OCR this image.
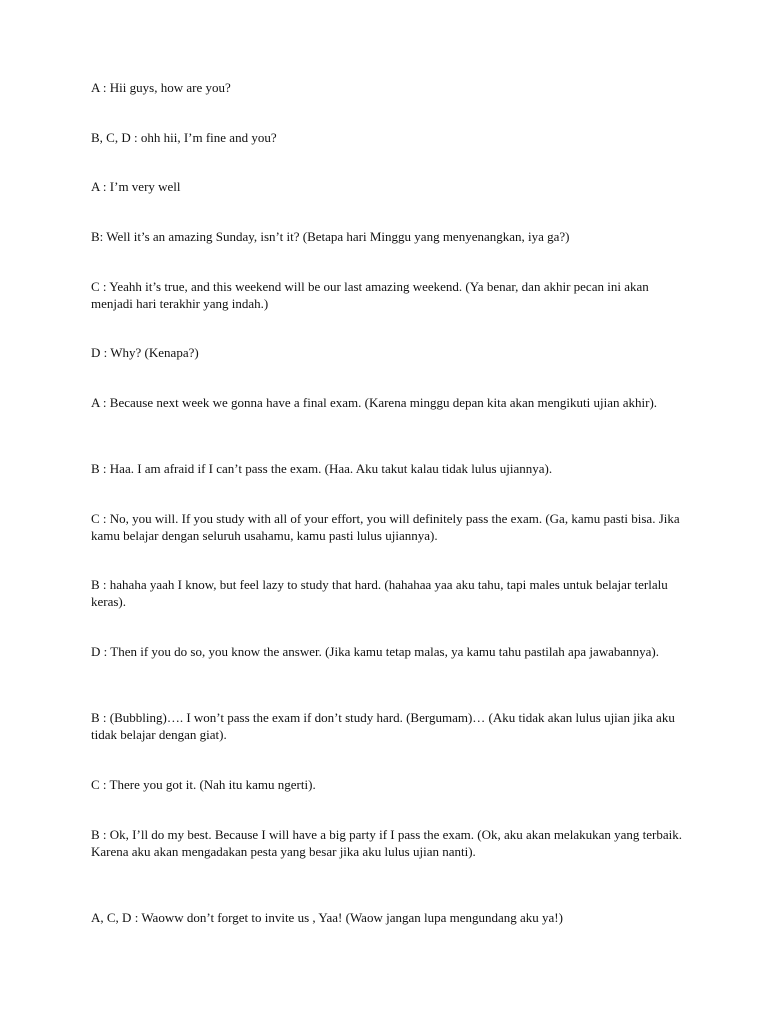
A : Hii guys, how are you?

B, C, D : ohh hii, I’m fine and you?

A : I’m very well

B: Well it’s an amazing Sunday, isn’t it? (Betapa hari Minggu yang menyenangkan, iya ga?)

C : Yeahh it’s true, and this weekend will be our last amazing weekend. (Ya benar, dan akhir pecan ini akan menjadi hari terakhir yang indah.)

D : Why? (Kenapa?)

A : Because next week we gonna have a final exam. (Karena minggu depan kita akan mengikuti ujian akhir).

B : Haa. I am afraid if I can’t pass the exam. (Haa. Aku takut kalau tidak lulus ujiannya).

C : No, you will. If you study with all of your effort, you will definitely pass the exam. (Ga, kamu pasti bisa. Jika kamu belajar dengan seluruh usahamu, kamu pasti lulus ujiannya).

B : hahaha yaah I know, but feel lazy to study that hard. (hahahaa yaa aku tahu, tapi males untuk belajar terlalu keras).

D : Then if you do so, you know the answer. (Jika kamu tetap malas, ya kamu tahu pastilah apa jawabannya).

B : (Bubbling)…. I won’t pass the exam if don’t study hard. (Bergumam)… (Aku tidak akan lulus ujian jika aku tidak belajar dengan giat).

C : There you got it. (Nah itu kamu ngerti).

B : Ok, I’ll do my best. Because I will have a big party if I pass the exam. (Ok, aku akan melakukan yang terbaik. Karena aku akan mengadakan pesta yang besar jika aku lulus ujian nanti).

A, C, D : Waoww don’t forget to invite us , Yaa! (Waow jangan lupa mengundang aku ya!)
